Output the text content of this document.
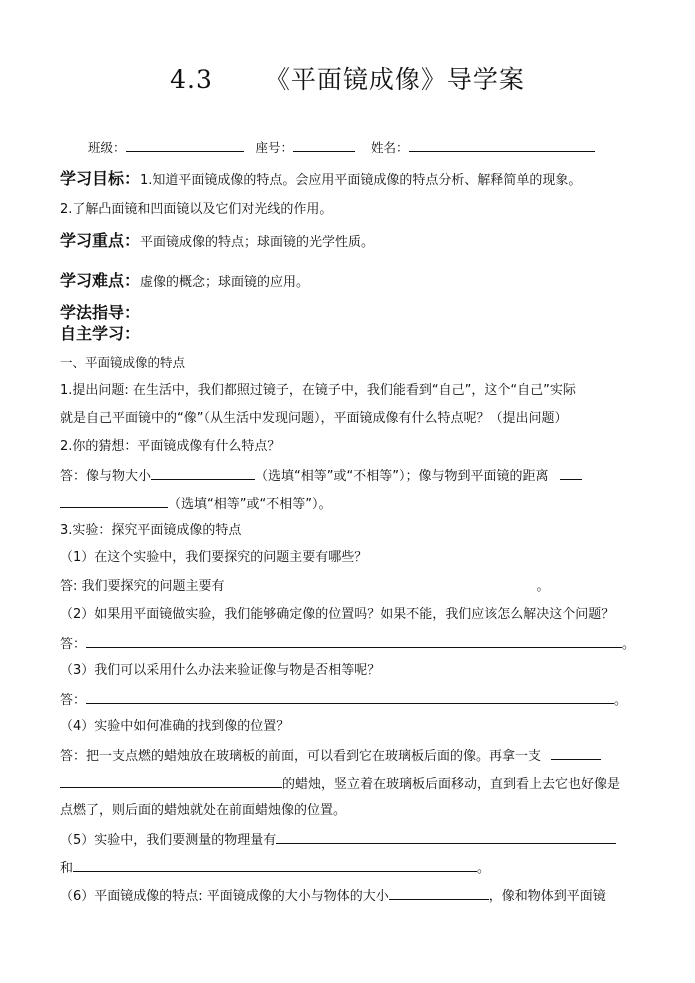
4.3 《平面镜成像》导学案
班级：	座号：	姓名：
学习目标：1.知道平面镜成像的特点。会应用平面镜成像的特点分析、解释简单的现象。
2.了解凸面镜和凹面镜以及它们对光线的作用。
学习重点：平面镜成像的特点；球面镜的光学性质。
学习难点：虚像的概念；球面镜的应用。
学法指导：
自主学习：
一、平面镜成像的特点
1.提出问题: 在生活中，我们都照过镜子，在镜子中，我们能看到“自己”，这个“自己”实际
就是自己平面镜中的“像”（从生活中发现问题），平面镜成像有什么特点呢？（提出问题）
2.你的猜想：平面镜成像有什么特点？
答：像与物大小	（选填“相等”或“不相等”）；像与物到平面镜的距离
（选填“相等”或“不相等”）。
3.实验：探究平面镜成像的特点
（1）在这个实验中，我们要探究的问题主要有哪些？
答: 我们要探究的问题主要有	。
（2）如果用平面镜做实验，我们能够确定像的位置吗？如果不能，我们应该怎么解决这个问题？
答：	。
（3）我们可以采用什么办法来验证像与物是否相等呢？
答：	。
（4）实验中如何准确的找到像的位置？
答：把一支点燃的蜡烛放在玻璃板的前面，可以看到它在玻璃板后面的像。再拿一支
的蜡烛，竖立着在玻璃板后面移动，直到看上去它也好像是
点燃了，则后面的蜡烛就处在前面蜡烛像的位置。
（5）实验中，我们要测量的物理量有
和	。
（6）平面镜成像的特点: 平面镜成像的大小与物体的大小	，像和物体到平面镜
